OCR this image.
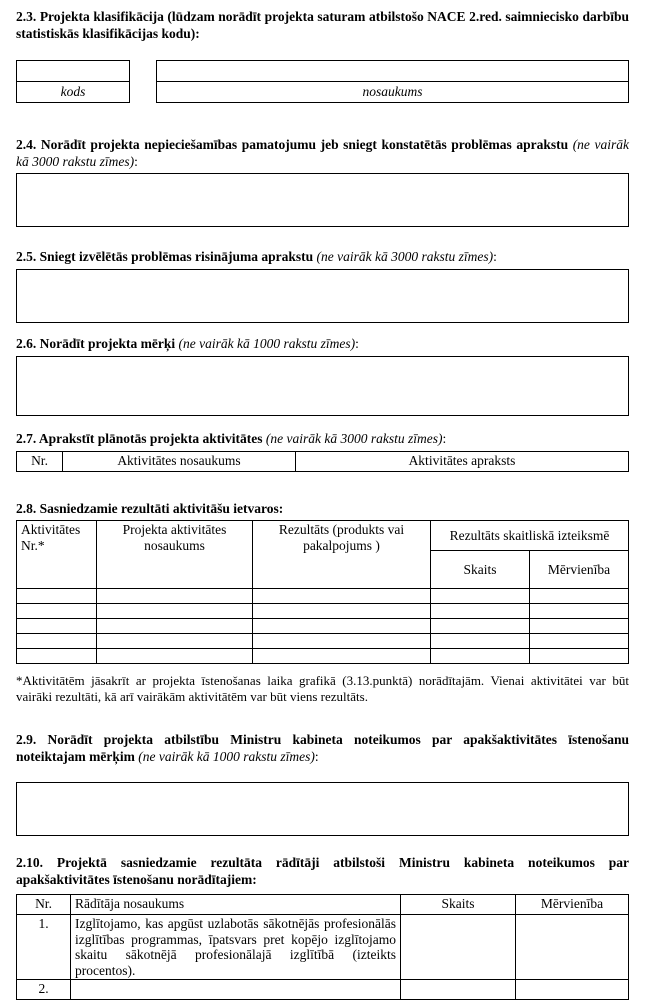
2.3. Projekta klasifikācija (lūdzam norādīt projekta saturam atbilstošo NACE 2.red. saimniecisko darbību statistiskās klasifikācijas kodu):

kods	nosaukums

2.4. Norādīt projekta nepieciešamības pamatojumu jeb sniegt konstatētās problēmas aprakstu (ne vairāk kā 3000 rakstu zīmes):

2.5. Sniegt izvēlētās problēmas risinājuma aprakstu (ne vairāk kā 3000 rakstu zīmes):

2.6. Norādīt projekta mērķi (ne vairāk kā 1000 rakstu zīmes):

2.7. Aprakstīt plānotās projekta aktivitātes (ne vairāk kā 3000 rakstu zīmes):

Nr.	Aktivitātes nosaukums	Aktivitātes apraksts

2.8. Sasniedzamie rezultāti aktivitāšu ietvaros:

Aktivitātes Nr.*	Projekta aktivitātes nosaukums	Rezultāts (produkts vai pakalpojums )	Rezultāts skaitliskā izteiksmē	
			Skaits	Mērvienība

*Aktivitātēm jāsakrīt ar projekta īstenošanas laika grafikā (3.13.punktā) norādītajām. Vienai aktivitātei var būt vairāki rezultāti, kā arī vairākām aktivitātēm var būt viens rezultāts.

2.9. Norādīt projekta atbilstību Ministru kabineta noteikumos par apakšaktivitātes īstenošanu noteiktajam mērķim (ne vairāk kā 1000 rakstu zīmes):

2.10. Projektā sasniedzamie rezultāta rādītāji atbilstoši Ministru kabineta noteikumos par apakšaktivitātes īstenošanu norādītajiem:

Nr.	Rādītāja nosaukums	Skaits	Mērvienība
1.	Izglītojamo, kas apgūst uzlabotās sākotnējās profesionālās izglītības programmas, īpatsvars pret kopējo izglītojamo skaitu sākotnējā profesionālajā izglītībā (izteikts procentos).		
2.			
